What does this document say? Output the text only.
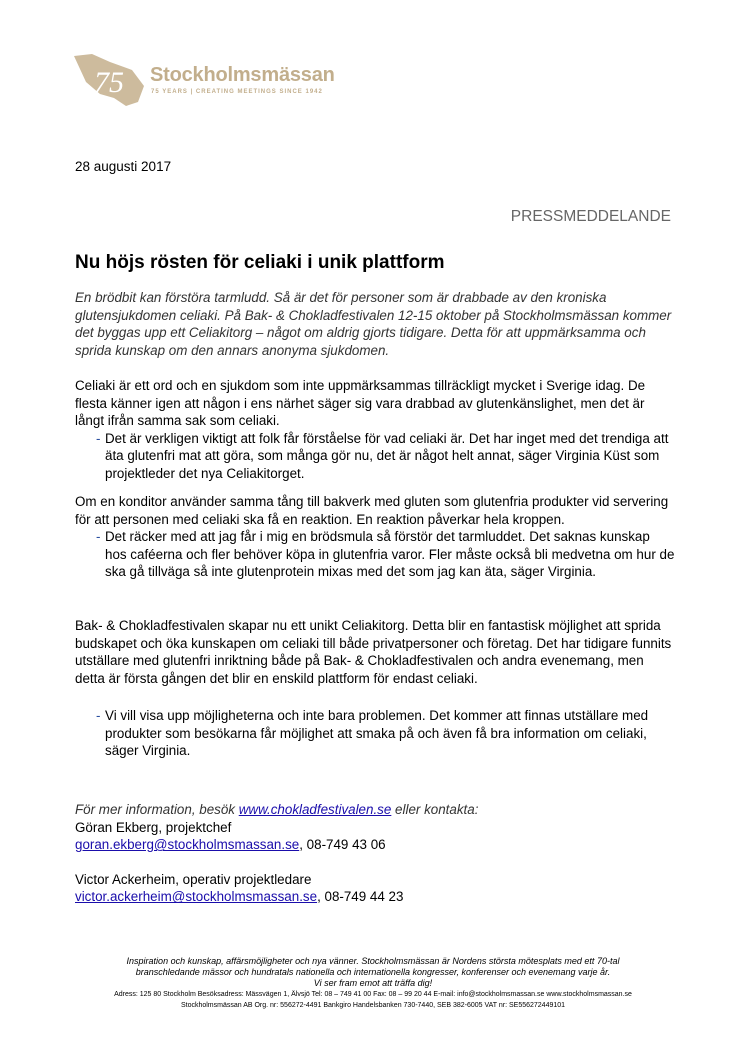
75 Stockholmsmässan
75 YEARS | CREATING MEETINGS SINCE 1942
28 augusti 2017
PRESSMEDDELANDE
Nu höjs rösten för celiaki i unik plattform
En brödbit kan förstöra tarmludd. Så är det för personer som är drabbade av den kroniska glutensjukdomen celiaki. På Bak- & Chokladfestivalen 12-15 oktober på Stockholmsmässan kommer det byggas upp ett Celiakitorg – något om aldrig gjorts tidigare. Detta för att uppmärksamma och sprida kunskap om den annars anonyma sjukdomen.

Celiaki är ett ord och en sjukdom som inte uppmärksammas tillräckligt mycket i Sverige idag. De flesta känner igen att någon i ens närhet säger sig vara drabbad av glutenkänslighet, men det är långt ifrån samma sak som celiaki.

- Det är verkligen viktigt att folk får förståelse för vad celiaki är. Det har inget med det trendiga att äta glutenfri mat att göra, som många gör nu, det är något helt annat, säger Virginia Küst som projektleder det nya Celiakitorget.

Om en konditor använder samma tång till bakverk med gluten som glutenfria produkter vid servering för att personen med celiaki ska få en reaktion. En reaktion påverkar hela kroppen.

- Det räcker med att jag får i mig en brödsmula så förstör det tarmluddet. Det saknas kunskap hos caféerna och fler behöver köpa in glutenfria varor. Fler måste också bli medvetna om hur de ska gå tillväga så inte glutenprotein mixas med det som jag kan äta, säger Virginia.

Bak- & Chokladfestivalen skapar nu ett unikt Celiakitorg. Detta blir en fantastisk möjlighet att sprida budskapet och öka kunskapen om celiaki till både privatpersoner och företag. Det har tidigare funnits utställare med glutenfri inriktning både på Bak- & Chokladfestivalen och andra evenemang, men detta är första gången det blir en enskild plattform för endast celiaki.

- Vi vill visa upp möjligheterna och inte bara problemen. Det kommer att finnas utställare med produkter som besökarna får möjlighet att smaka på och även få bra information om celiaki, säger Virginia.

För mer information, besök www.chokladfestivalen.se eller kontakta:

Göran Ekberg, projektchef

goran.ekberg@stockholmsmassan.se, 08-749 43 06

Victor Ackerheim, operativ projektledare

victor.ackerheim@stockholmsmassan.se, 08-749 44 23

Inspiration och kunskap, affärsmöjligheter och nya vänner. Stockholmsmässan är Nordens största mötesplats med ett 70-tal
branschledande mässor och hundratals nationella och internationella kongresser, konferenser och evenemang varje år.
Vi ser fram emot att träffa dig!
Adress: 125 80 Stockholm Besöksadress: Mässvägen 1, Älvsjö Tel: 08 – 749 41 00 Fax: 08 – 99 20 44 E-mail: info@stockholmsmassan.se www.stockholmsmassan.se
Stockholmsmässan AB Org. nr: 556272-4491 Bankgiro Handelsbanken 730-7440, SEB 382-6005 VAT nr: SE556272449101
